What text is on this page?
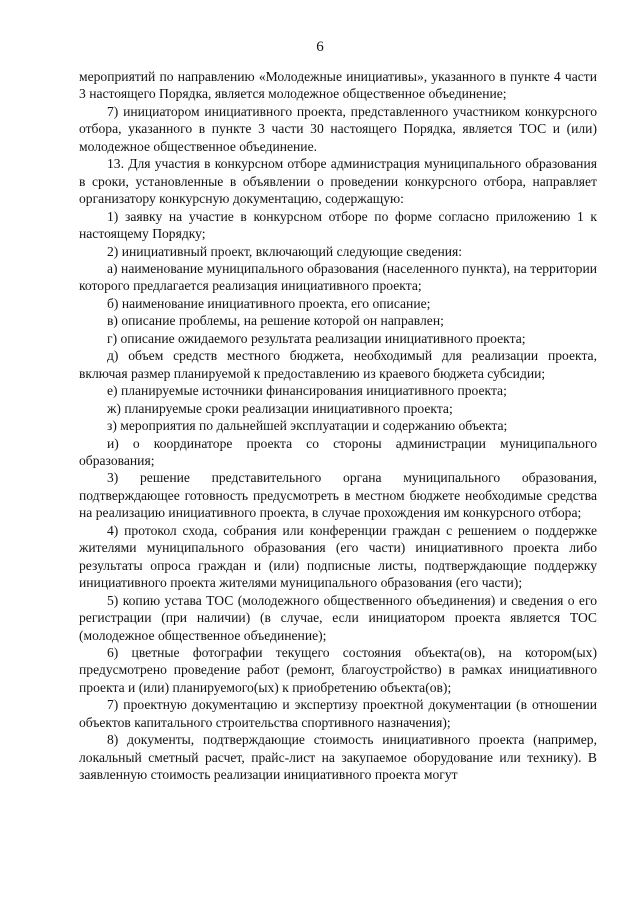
6

мероприятий по направлению «Молодежные инициативы», указанного в пункте 4 части 3 настоящего Порядка, является молодежное общественное объединение;

7) инициатором инициативного проекта, представленного участником конкурсного отбора, указанного в пункте 3 части 30 настоящего Порядка, является ТОС и (или) молодежное общественное объединение.

13. Для участия в конкурсном отборе администрация муниципального образования в сроки, установленные в объявлении о проведении конкурсного отбора, направляет организатору конкурсную документацию, содержащую:

1) заявку на участие в конкурсном отборе по форме согласно приложению 1 к настоящему Порядку;

2) инициативный проект, включающий следующие сведения:

а) наименование муниципального образования (населенного пункта), на территории которого предлагается реализация инициативного проекта;

б) наименование инициативного проекта, его описание;

в) описание проблемы, на решение которой он направлен;

г) описание ожидаемого результата реализации инициативного проекта;

д) объем средств местного бюджета, необходимый для реализации проекта, включая размер планируемой к предоставлению из краевого бюджета субсидии;

е) планируемые источники финансирования инициативного проекта;

ж) планируемые сроки реализации инициативного проекта;

з) мероприятия по дальнейшей эксплуатации и содержанию объекта;

и) о координаторе проекта со стороны администрации муниципального образования;

3) решение представительного органа муниципального образования, подтверждающее готовность предусмотреть в местном бюджете необходимые средства на реализацию инициативного проекта, в случае прохождения им конкурсного отбора;

4) протокол схода, собрания или конференции граждан с решением о поддержке жителями муниципального образования (его части) инициативного проекта либо результаты опроса граждан и (или) подписные листы, подтверждающие поддержку инициативного проекта жителями муниципального образования (его части);

5) копию устава ТОС (молодежного общественного объединения) и сведения о его регистрации (при наличии) (в случае, если инициатором проекта является ТОС (молодежное общественное объединение);

6) цветные фотографии текущего состояния объекта(ов), на котором(ых) предусмотрено проведение работ (ремонт, благоустройство) в рамках инициативного проекта и (или) планируемого(ых) к приобретению объекта(ов);

7) проектную документацию и экспертизу проектной документации (в отношении объектов капитального строительства спортивного назначения);

8) документы, подтверждающие стоимость инициативного проекта (например, локальный сметный расчет, прайс-лист на закупаемое оборудование или технику). В заявленную стоимость реализации инициативного проекта могут
